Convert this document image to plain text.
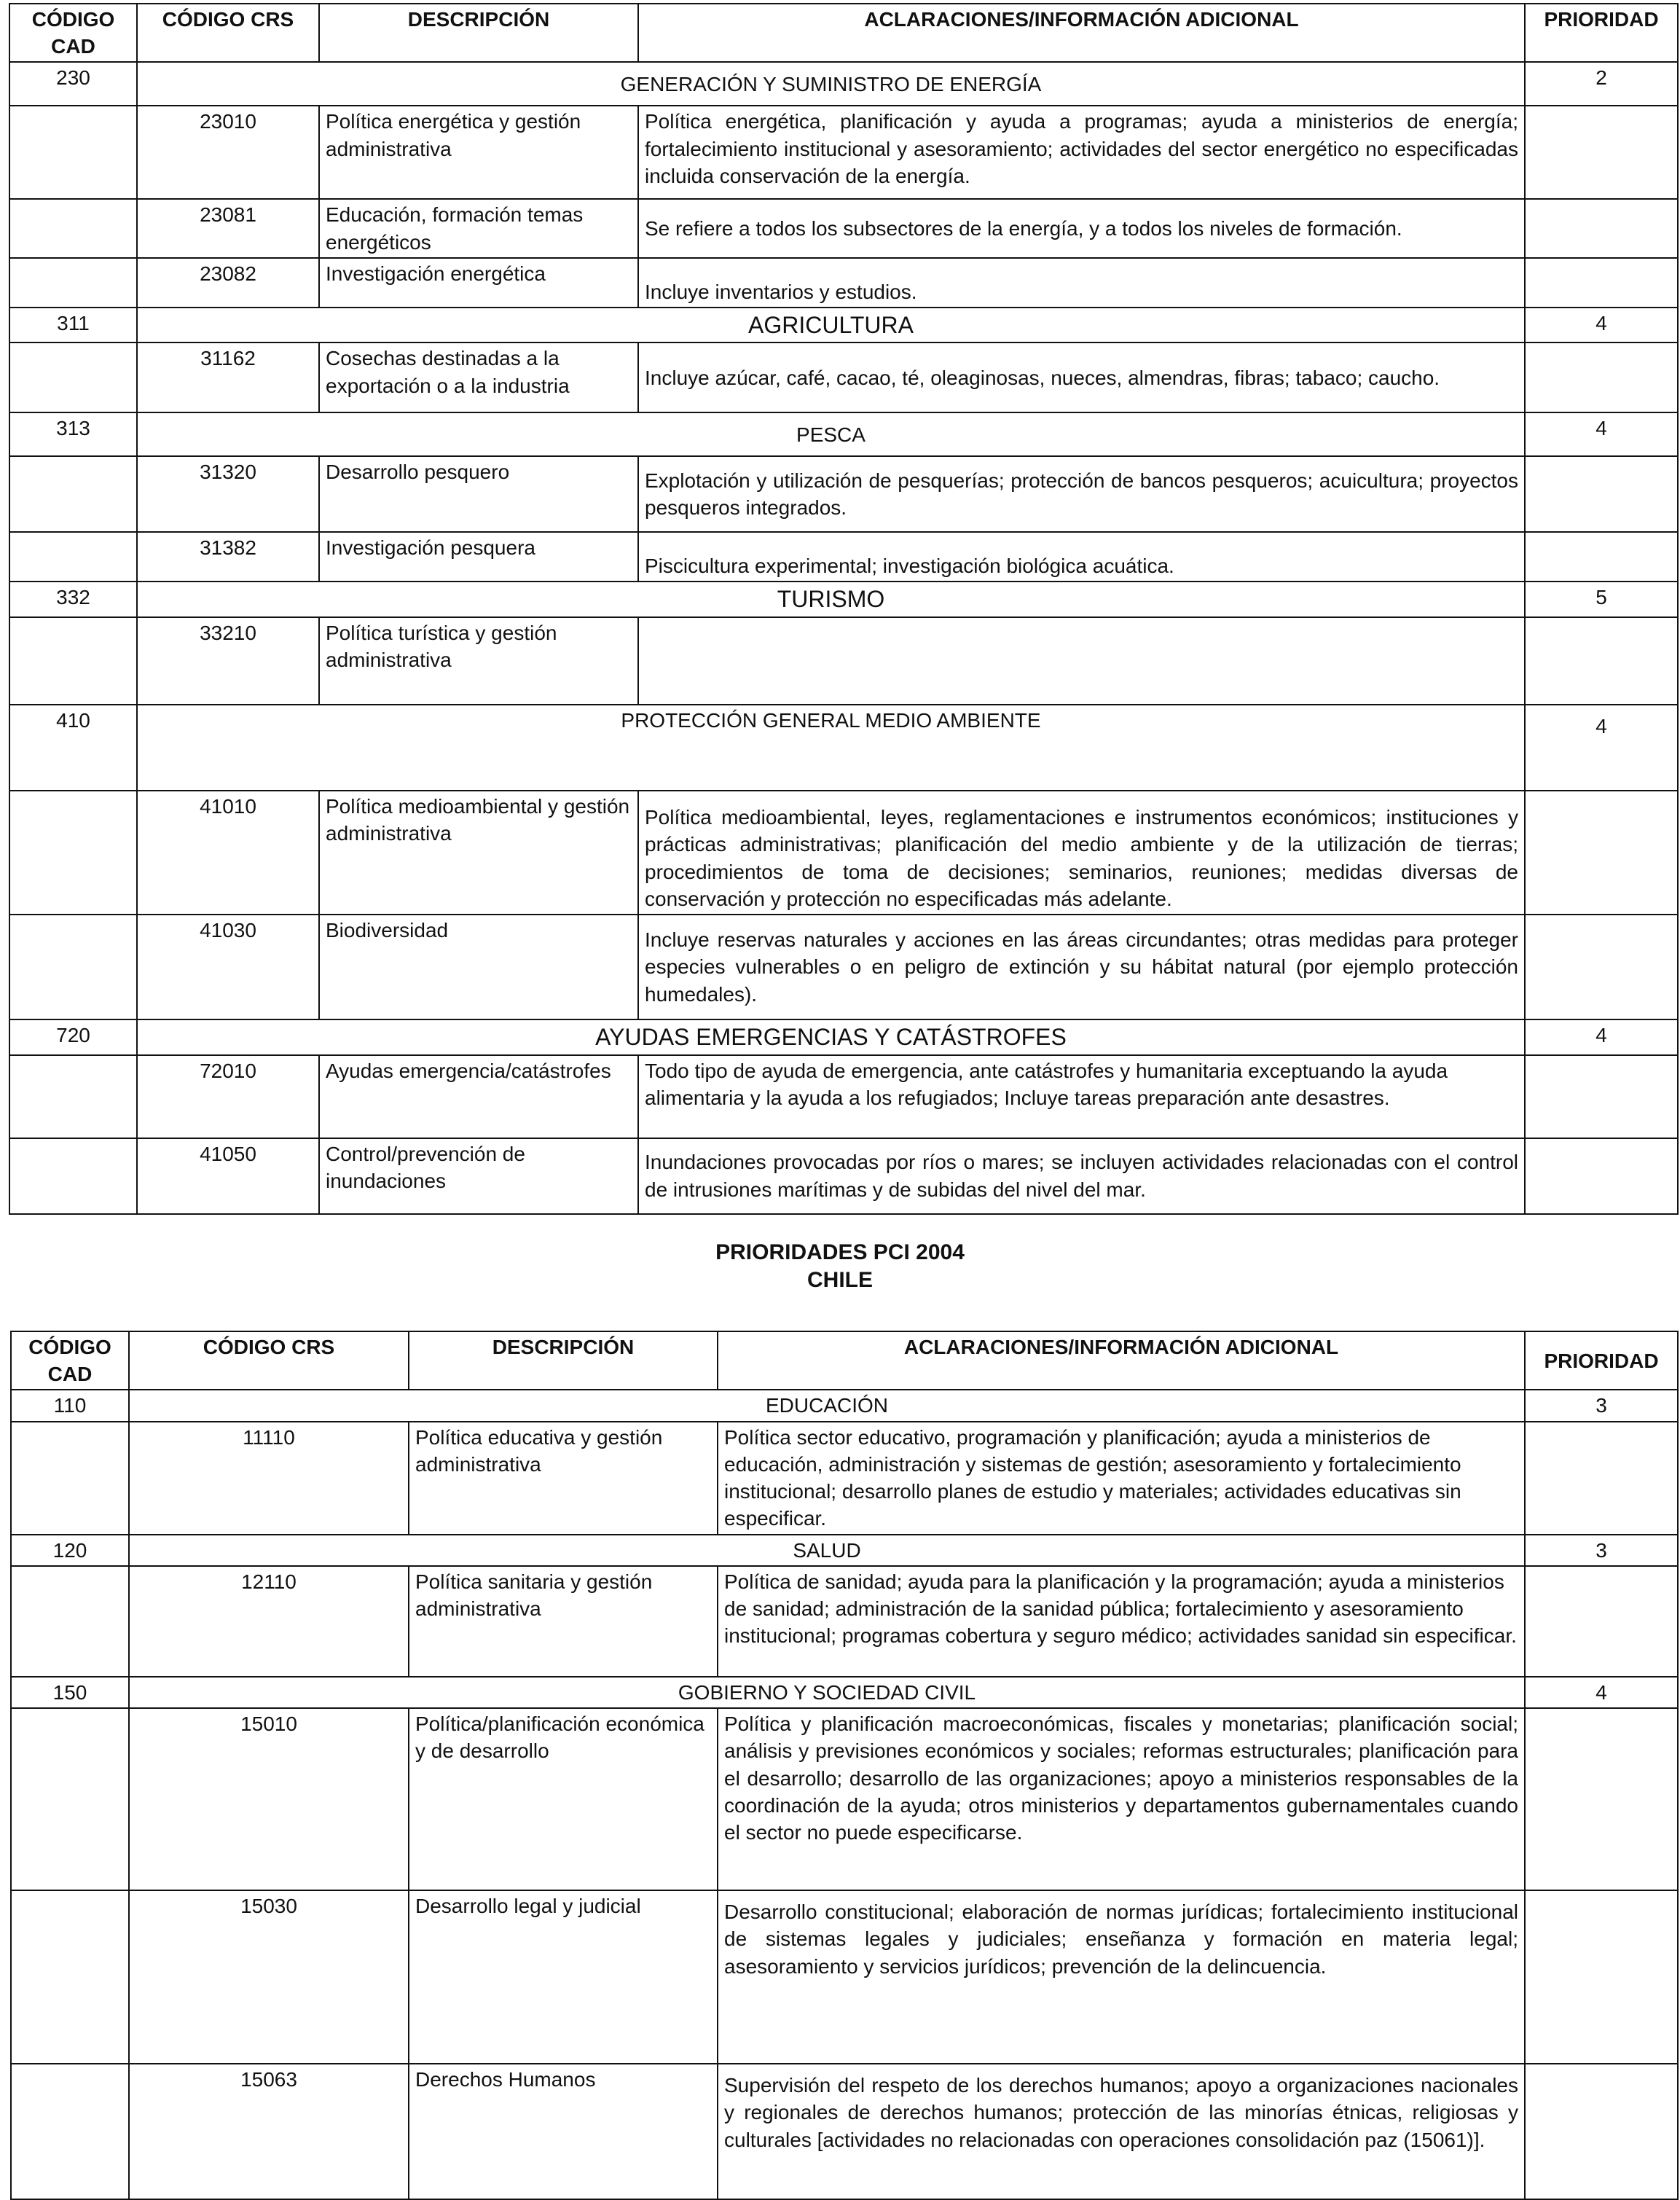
CÓDIGO CAD	CÓDIGO CRS	DESCRIPCIÓN	ACLARACIONES/INFORMACIÓN ADICIONAL	PRIORIDAD
230	GENERACIÓN Y SUMINISTRO DE ENERGÍA			2
	23010	Política energética y gestión administrativa	Política energética, planificación y ayuda a programas; ayuda a ministerios de energía; fortalecimiento institucional y asesoramiento; actividades del sector energético no especificadas incluida conservación de la energía.	
	23081	Educación, formación temas energéticos	Se refiere a todos los subsectores de la energía, y a todos los niveles de formación.	
	23082	Investigación energética	Incluye inventarios y estudios.	
311	AGRICULTURA			4
	31162	Cosechas destinadas a la exportación o a la industria	Incluye azúcar, café, cacao, té, oleaginosas, nueces, almendras, fibras; tabaco; caucho.	
313	PESCA			4
	31320	Desarrollo pesquero	Explotación y utilización de pesquerías; protección de bancos pesqueros; acuicultura; proyectos pesqueros integrados.	
	31382	Investigación pesquera	Piscicultura experimental; investigación biológica acuática.	
332	TURISMO			5
	33210	Política turística y gestión administrativa		
410	PROTECCIÓN GENERAL MEDIO AMBIENTE			4
	41010	Política medioambiental y gestión administrativa	Política medioambiental, leyes, reglamentaciones e instrumentos económicos; instituciones y prácticas administrativas; planificación del medio ambiente y de la utilización de tierras; procedimientos de toma de decisiones; seminarios, reuniones; medidas diversas de conservación y protección no especificadas más adelante.	
	41030	Biodiversidad	Incluye reservas naturales y acciones en las áreas circundantes; otras medidas para proteger especies vulnerables o en peligro de extinción y su hábitat natural (por ejemplo protección humedales).	
720	AYUDAS EMERGENCIAS Y CATÁSTROFES			4
	72010	Ayudas emergencia/catástrofes	Todo tipo de ayuda de emergencia, ante catástrofes y humanitaria exceptuando la ayuda alimentaria y la ayuda a los refugiados; Incluye tareas preparación ante desastres.	
	41050	Control/prevención de inundaciones	Inundaciones provocadas por ríos o mares; se incluyen actividades relacionadas con el control de intrusiones marítimas y de subidas del nivel del mar.	
PRIORIDADES PCI 2004
CHILE
CÓDIGO CAD	CÓDIGO CRS	DESCRIPCIÓN	ACLARACIONES/INFORMACIÓN ADICIONAL	PRIORIDAD
110	EDUCACIÓN			3
	11110	Política educativa y gestión administrativa	Política sector educativo, programación y planificación; ayuda a ministerios de educación, administración y sistemas de gestión; asesoramiento y fortalecimiento institucional; desarrollo planes de estudio y materiales; actividades educativas sin especificar.	
120	SALUD			3
	12110	Política sanitaria y gestión administrativa	Política de sanidad; ayuda para la planificación y la programación; ayuda a ministerios de sanidad; administración de la sanidad pública; fortalecimiento y asesoramiento institucional; programas cobertura y seguro médico; actividades sanidad sin especificar.	
150	GOBIERNO Y SOCIEDAD CIVIL			4
	15010	Política/planificación económica y de desarrollo	Política y planificación macroeconómicas, fiscales y monetarias; planificación social; análisis y previsiones económicos y sociales; reformas estructurales; planificación para el desarrollo; desarrollo de las organizaciones; apoyo a ministerios responsables de la coordinación de la ayuda; otros ministerios y departamentos gubernamentales cuando el sector no puede especificarse.	
	15030	Desarrollo legal y judicial	Desarrollo constitucional; elaboración de normas jurídicas; fortalecimiento institucional de sistemas legales y judiciales; enseñanza y formación en materia legal; asesoramiento y servicios jurídicos; prevención de la delincuencia.	
	15063	Derechos Humanos	Supervisión del respeto de los derechos humanos; apoyo a organizaciones nacionales y regionales de derechos humanos; protección de las minorías étnicas, religiosas y culturales [actividades no relacionadas con operaciones consolidación paz (15061)].	
